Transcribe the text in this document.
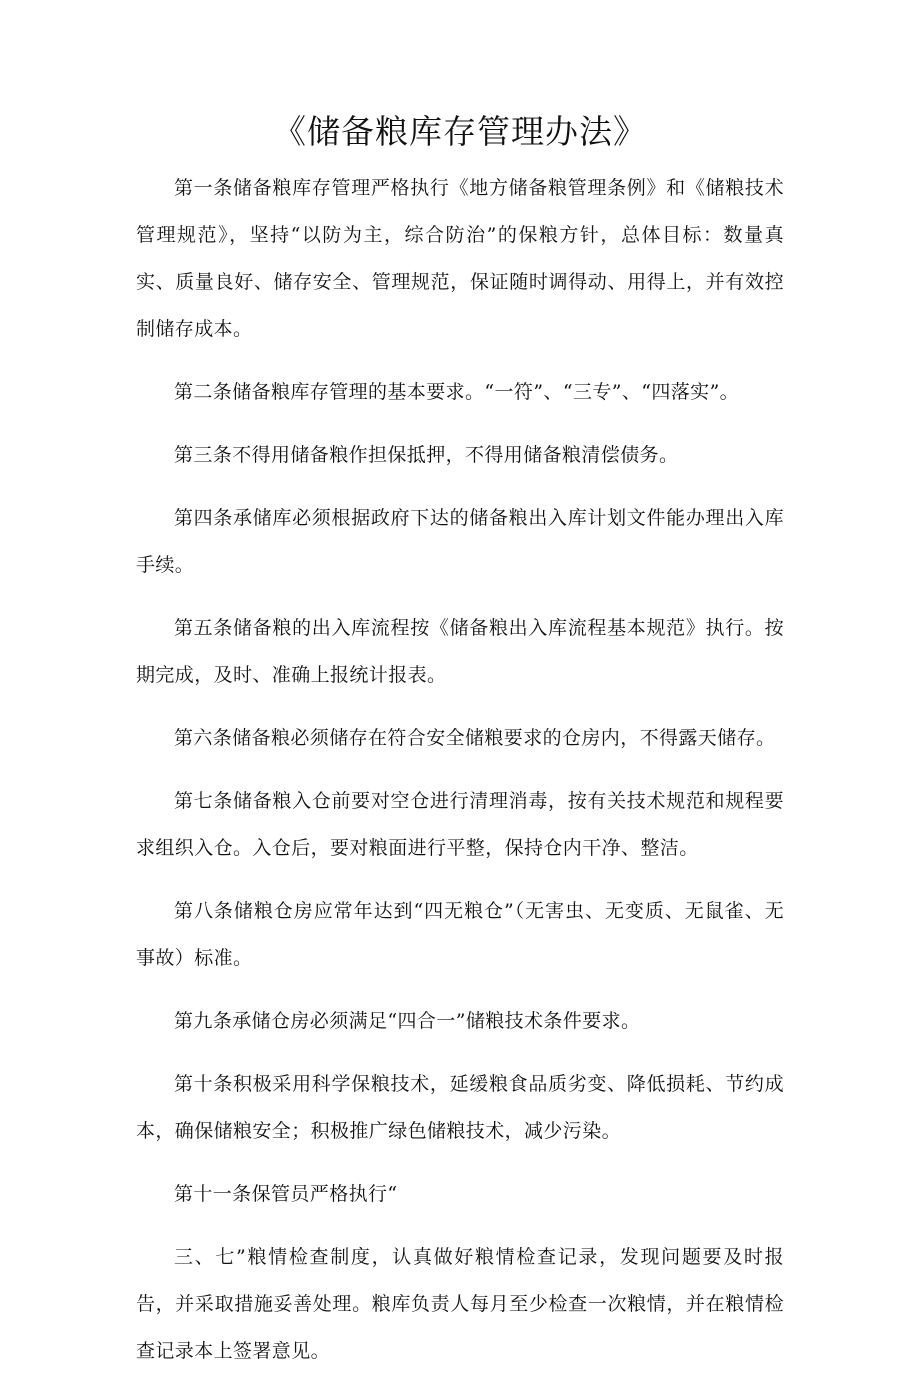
《储备粮库存管理办法》

第一条储备粮库存管理严格执行《地方储备粮管理条例》和《储粮技术管理规范》，坚持“以防为主，综合防治”的保粮方针，总体目标：数量真实、质量良好、储存安全、管理规范，保证随时调得动、用得上，并有效控制储存成本。

第二条储备粮库存管理的基本要求。“一符”、“三专”、“四落实”。

第三条不得用储备粮作担保抵押，不得用储备粮清偿债务。

第四条承储库必须根据政府下达的储备粮出入库计划文件能办理出入库手续。

第五条储备粮的出入库流程按《储备粮出入库流程基本规范》执行。按期完成，及时、准确上报统计报表。

第六条储备粮必须储存在符合安全储粮要求的仓房内，不得露天储存。

第七条储备粮入仓前要对空仓进行清理消毒，按有关技术规范和规程要求组织入仓。入仓后，要对粮面进行平整，保持仓内干净、整洁。

第八条储粮仓房应常年达到“四无粮仓”（无害虫、无变质、无鼠雀、无事故）标准。

第九条承储仓房必须满足“四合一”储粮技术条件要求。

第十条积极采用科学保粮技术，延缓粮食品质劣变、降低损耗、节约成本，确保储粮安全；积极推广绿色储粮技术，减少污染。

第十一条保管员严格执行“

三、七”粮情检查制度，认真做好粮情检查记录，发现问题要及时报告，并采取措施妥善处理。粮库负责人每月至少检查一次粮情，并在粮情检查记录本上签署意见。
